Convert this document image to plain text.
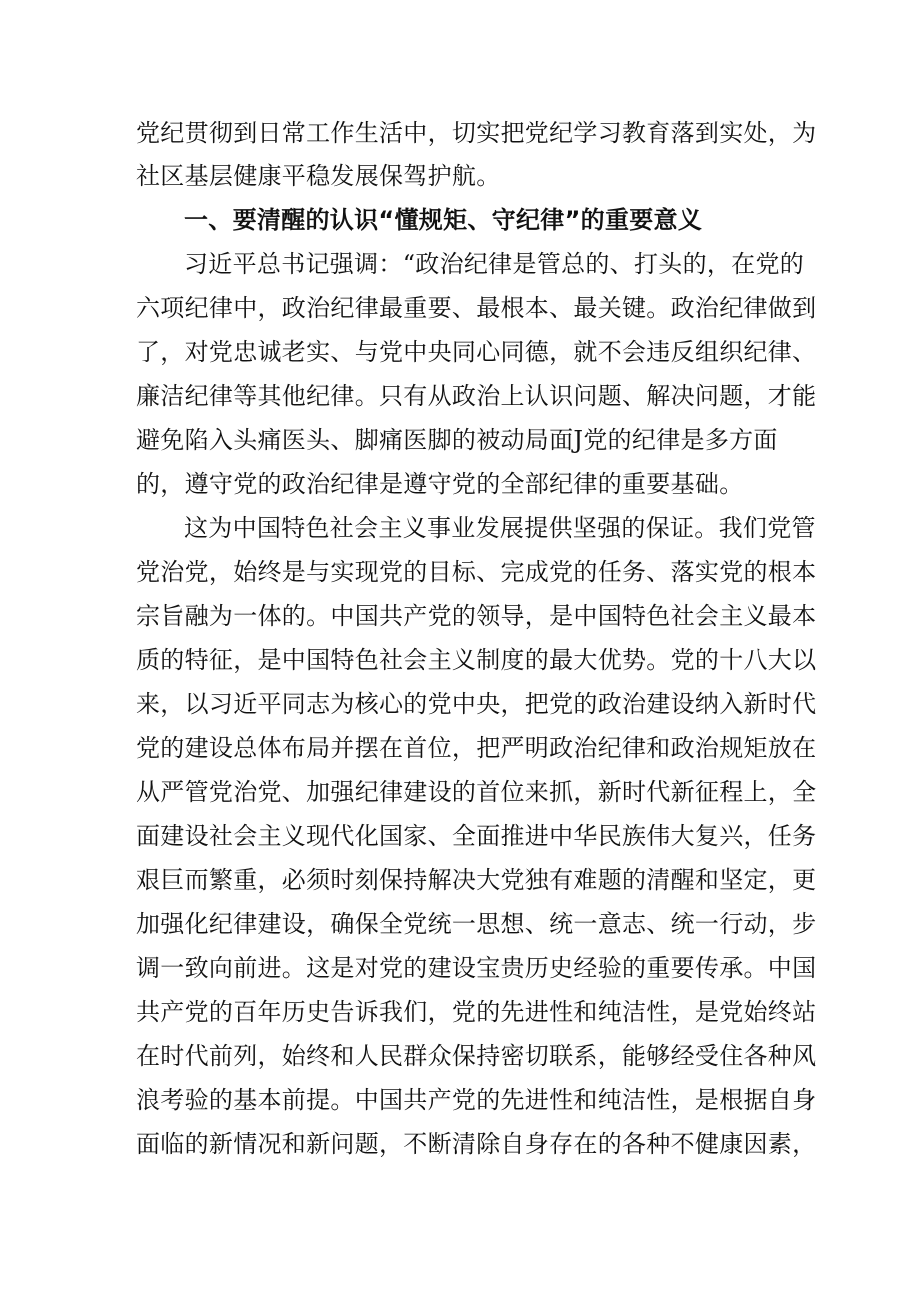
党纪贯彻到日常工作生活中，切实把党纪学习教育落到实处，为
社区基层健康平稳发展保驾护航。
一、要清醒的认识“懂规矩、守纪律”的重要意义
习近平总书记强调：“政治纪律是管总的、打头的，在党的
六项纪律中，政治纪律最重要、最根本、最关键。政治纪律做到
了，对党忠诚老实、与党中央同心同德，就不会违反组织纪律、
廉洁纪律等其他纪律。只有从政治上认识问题、解决问题，才能
避免陷入头痛医头、脚痛医脚的被动局面J党的纪律是多方面
的，遵守党的政治纪律是遵守党的全部纪律的重要基础。
这为中国特色社会主义事业发展提供坚强的保证。我们党管
党治党，始终是与实现党的目标、完成党的任务、落实党的根本
宗旨融为一体的。中国共产党的领导，是中国特色社会主义最本
质的特征，是中国特色社会主义制度的最大优势。党的十八大以
来，以习近平同志为核心的党中央，把党的政治建设纳入新时代
党的建设总体布局并摆在首位，把严明政治纪律和政治规矩放在
从严管党治党、加强纪律建设的首位来抓，新时代新征程上，全
面建设社会主义现代化国家、全面推进中华民族伟大复兴，任务
艰巨而繁重，必须时刻保持解决大党独有难题的清醒和坚定，更
加强化纪律建设，确保全党统一思想、统一意志、统一行动，步
调一致向前进。这是对党的建设宝贵历史经验的重要传承。中国
共产党的百年历史告诉我们，党的先进性和纯洁性，是党始终站
在时代前列，始终和人民群众保持密切联系，能够经受住各种风
浪考验的基本前提。中国共产党的先进性和纯洁性，是根据自身
面临的新情况和新问题，不断清除自身存在的各种不健康因素，
